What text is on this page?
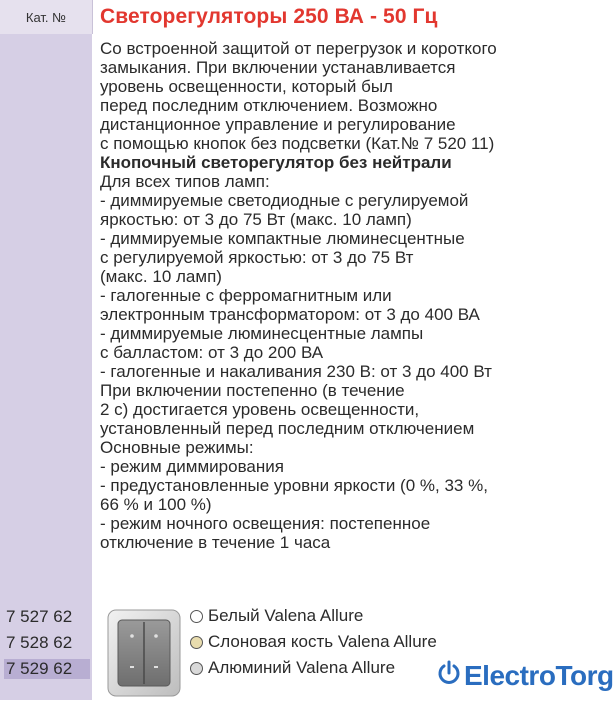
Кат. №	Светорегуляторы 250 ВА - 50 Гц
Со встроенной защитой от перегрузок и короткого
замыкания. При включении устанавливается
уровень освещенности, который был
перед последним отключением. Возможно
дистанционное управление и регулирование
с помощью кнопок без подсветки (Кат.№ 7 520 11)
Кнопочный светорегулятор без нейтрали
Для всех типов ламп:
- диммируемые светодиодные с регулируемой
яркостью: от 3 до 75 Вт (макс. 10 ламп)
- диммируемые компактные люминесцентные
с регулируемой яркостью: от 3 до 75 Вт
(макс. 10 ламп)
- галогенные с ферромагнитным или
электронным трансформатором: от 3 до 400 ВА
- диммируемые люминесцентные лампы
с балластом: от 3 до 200 ВА
- галогенные и накаливания 230 В: от 3 до 400 Вт
При включении постепенно (в течение
2 с) достигается уровень освещенности,
установленный перед последним отключением
Основные режимы:
- режим диммирования
- предустановленные уровни яркости (0 %, 33 %,
66 % и 100 %)
- режим ночного освещения: постепенное
отключение в течение 1 часа
7 527 62
7 528 62
7 529 62
Белый Valena Allure
Слоновая кость Valena Allure
Алюминий Valena Allure Electro Torg
